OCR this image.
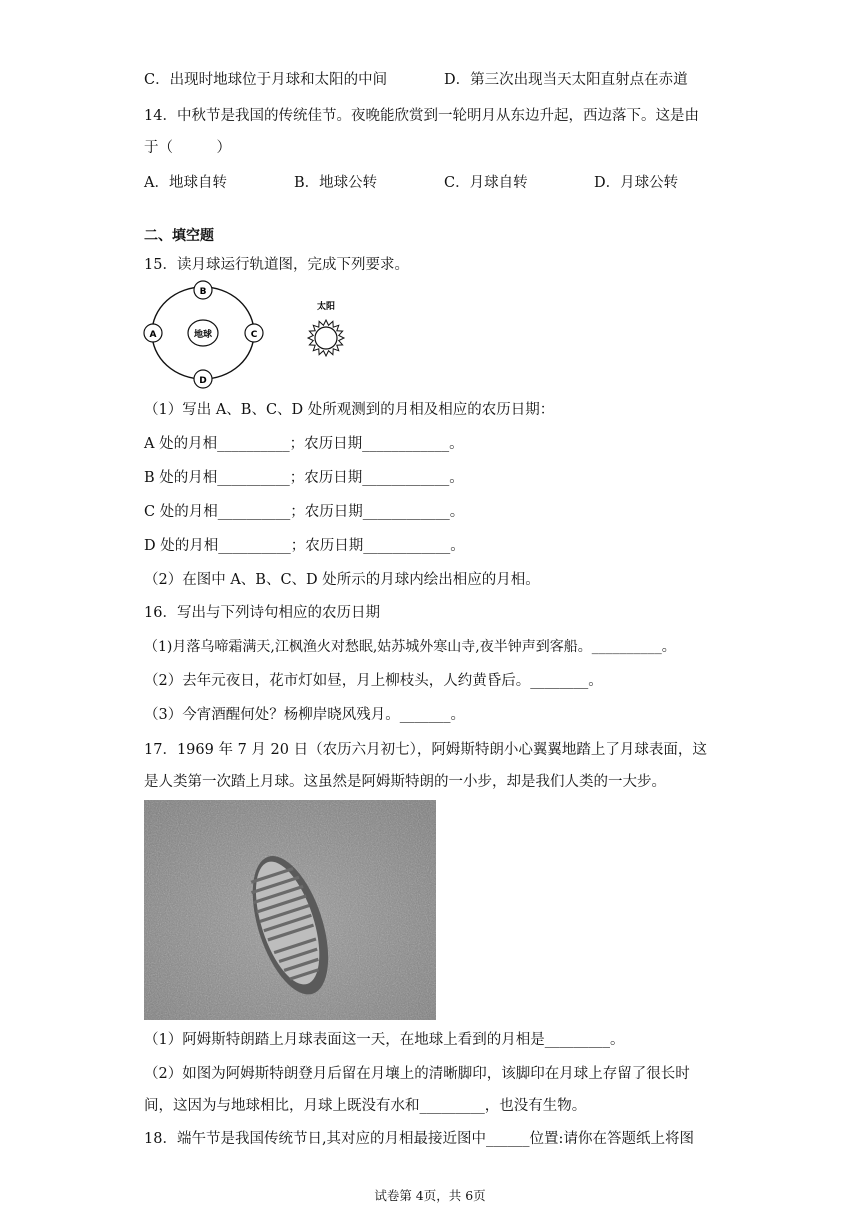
C．出现时地球位于月球和太阳的中间	D．第三次出现当天太阳直射点在赤道
14．中秋节是我国的传统佳节。夜晚能欣赏到一轮明月从东边升起，西边落下。这是由
于（　　　）
A．地球自转	B．地球公转	C．月球自转	D．月球公转
二、填空题
15．读月球运行轨道图，完成下列要求。
地球
A
B
C
D
太阳
（1）写出 A、B、C、D 处所观测到的月相及相应的农历日期：
A 处的月相__________；农历日期____________。
B 处的月相__________；农历日期____________。
C 处的月相__________；农历日期____________。
D 处的月相__________；农历日期____________。
（2）在图中 A、B、C、D 处所示的月球内绘出相应的月相。
16．写出与下列诗句相应的农历日期
（1)月落乌啼霜满天,江枫渔火对愁眠,姑苏城外寒山寺,夜半钟声到客船。__________。
（2）去年元夜日，花市灯如昼，月上柳枝头，人约黄昏后。________。
（3）今宵酒醒何处？杨柳岸晓风残月。_______。
17．1969 年 7 月 20 日（农历六月初七），阿姆斯特朗小心翼翼地踏上了月球表面，这
是人类第一次踏上月球。这虽然是阿姆斯特朗的一小步，却是我们人类的一大步。
（1）阿姆斯特朗踏上月球表面这一天，在地球上看到的月相是_________。
（2）如图为阿姆斯特朗登月后留在月壤上的清晰脚印，该脚印在月球上存留了很长时
间，这因为与地球相比，月球上既没有水和_________，也没有生物。
18．端午节是我国传统节日,其对应的月相最接近图中______位置:请你在答题纸上将图
试卷第 4页，共 6页
